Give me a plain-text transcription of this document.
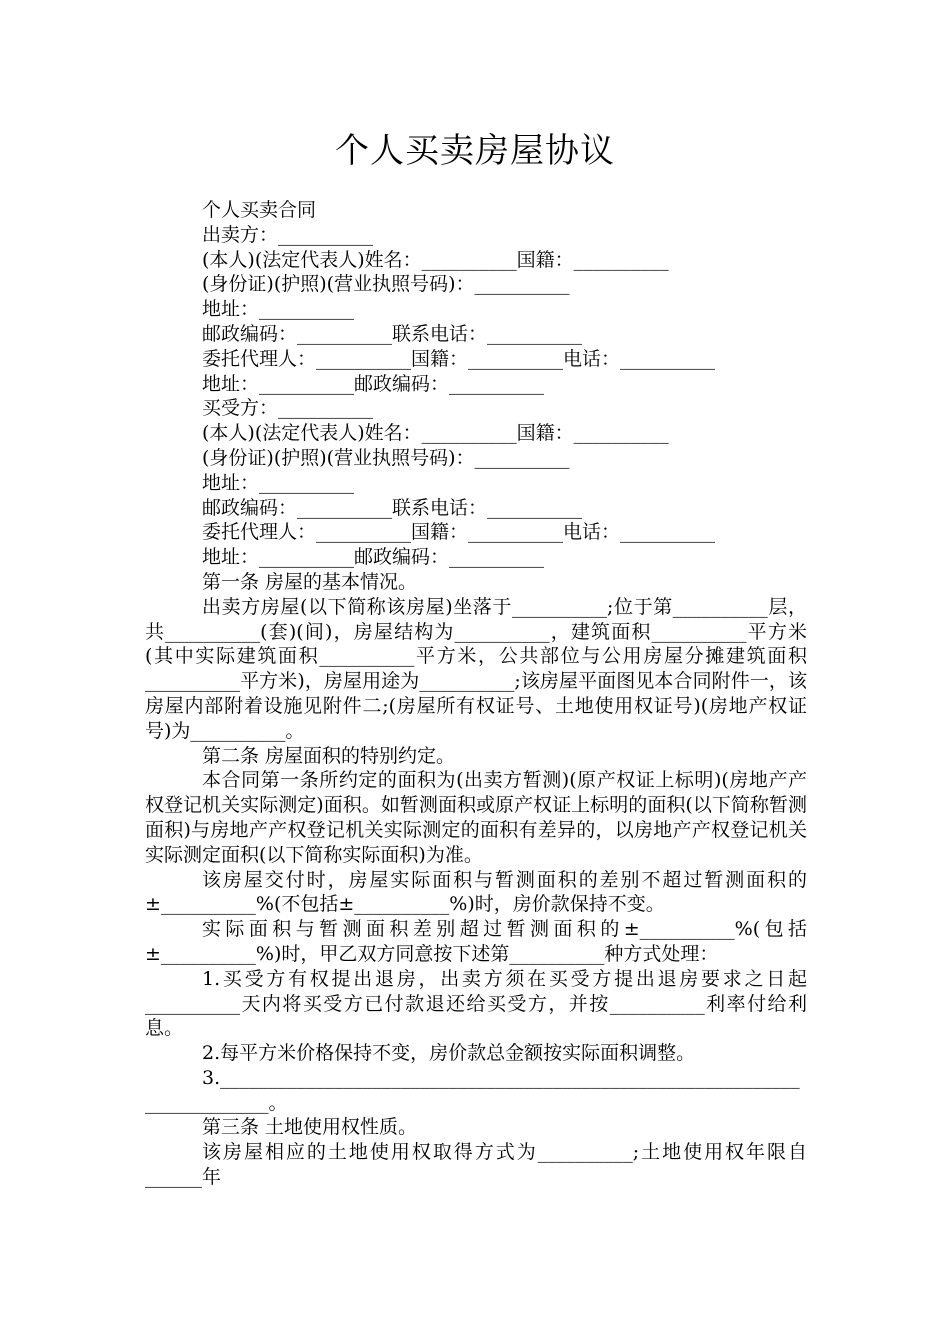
个人买卖房屋协议

个人买卖合同

出卖方：__________

(本人)(法定代表人)姓名：__________国籍：__________

(身份证)(护照)(营业执照号码)：__________

地址：__________

邮政编码：__________联系电话：__________

委托代理人：__________国籍：__________电话：__________

地址：__________邮政编码：__________

买受方：__________

(本人)(法定代表人)姓名：__________国籍：__________

(身份证)(护照)(营业执照号码)：__________

地址：__________

邮政编码：__________联系电话：__________

委托代理人：__________国籍：__________电话：__________

地址：__________邮政编码：__________

第一条 房屋的基本情况。

出卖方房屋(以下简称该房屋)坐落于__________;位于第__________层，共__________(套)(间)，房屋结构为__________，建筑面积__________平方米(其中实际建筑面积__________平方米，公共部位与公用房屋分摊建筑面积__________平方米)，房屋用途为__________;该房屋平面图见本合同附件一，该房屋内部附着设施见附件二;(房屋所有权证号、土地使用权证号)(房地产权证号)为__________。

第二条 房屋面积的特别约定。

本合同第一条所约定的面积为(出卖方暂测)(原产权证上标明)(房地产产权登记机关实际测定)面积。如暂测面积或原产权证上标明的面积(以下简称暂测面积)与房地产产权登记机关实际测定的面积有差异的，以房地产产权登记机关实际测定面积(以下简称实际面积)为准。

该房屋交付时，房屋实际面积与暂测面积的差别不超过暂测面积的±__________%(不包括±__________%)时，房价款保持不变。

实际面积与暂测面积差别超过暂测面积的±__________%(包括±__________%)时，甲乙双方同意按下述第__________种方式处理：

1.买受方有权提出退房，出卖方须在买受方提出退房要求之日起__________天内将买受方已付款退还给买受方，并按__________利率付给利息。

2.每平方米价格保持不变，房价款总金额按实际面积调整。

3.__________________________________________________________________________。

第三条 土地使用权性质。

该房屋相应的土地使用权取得方式为__________;土地使用权年限自______年
